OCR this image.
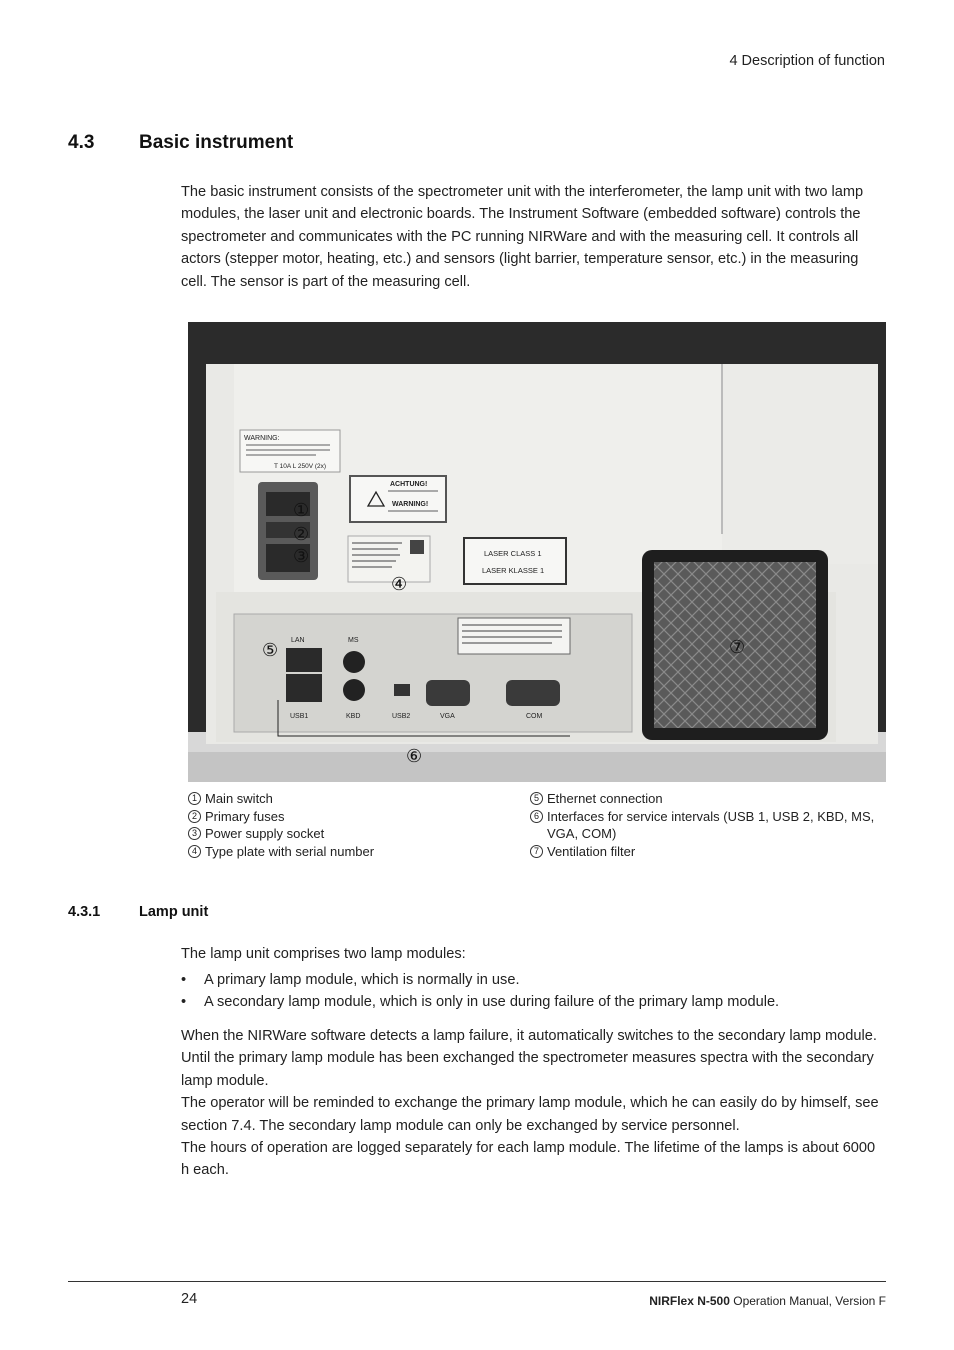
4 Description of function
4.3 Basic instrument
The basic instrument consists of the spectrometer unit with the interferometer, the lamp unit with two lamp modules, the laser unit and electronic boards. The Instrument Software (embedded software) controls the spectrometer and communicates with the PC running NIRWare and with the measuring cell. It controls all actors (stepper motor, heating, etc.) and sensors (light barrier, temperature sensor, etc.) in the measuring cell. The sensor is part of the measuring cell.
WARNING:
T 10A L 250V (2x)
ACHTUNG!
WARNING!
LASER CLASS 1
LASER KLASSE 1
LAN	MS
USB1	KBD	USB2	VGA	COM
①
②
③
④
⑤
⑥
⑦
1 Main switch
2 Primary fuses
3 Power supply socket
4 Type plate with serial number
5 Ethernet connection
6 Interfaces for service intervals (USB 1, USB 2, KBD, MS, VGA, COM)
7 Ventilation filter
4.3.1	Lamp unit
The lamp unit comprises two lamp modules:
•	A primary lamp module, which is normally in use.
•	A secondary lamp module, which is only in use during failure of the primary lamp module.
When the NIRWare software detects a lamp failure, it automatically switches to the secondary lamp module. Until the primary lamp module has been exchanged the spectrometer measures spectra with the secondary lamp module.
The operator will be reminded to exchange the primary lamp module, which he can easily do by himself, see section 7.4. The secondary lamp module can only be exchanged by service personnel.
The hours of operation are logged separately for each lamp module. The lifetime of the lamps is about 6000 h each.
24	NIRFlex N-500 Operation Manual, Version F
